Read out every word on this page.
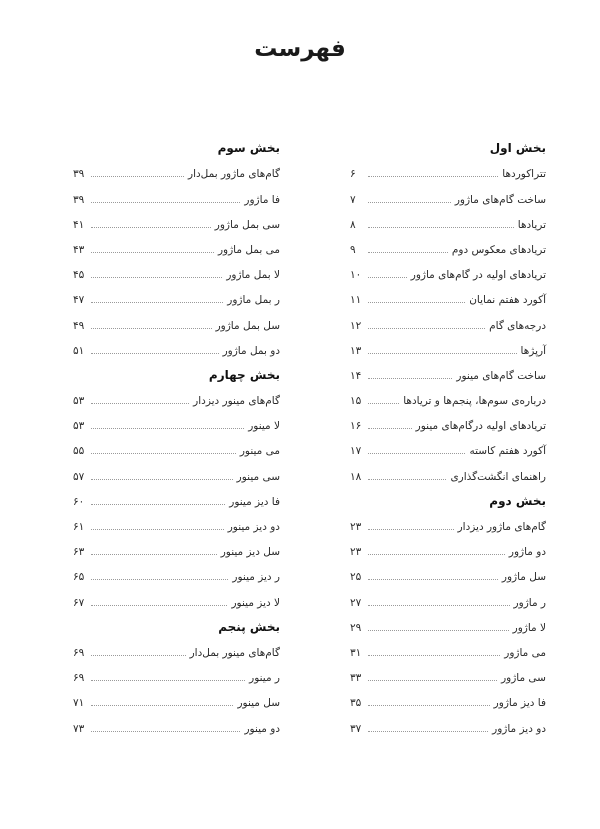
فهرست
بخش اول
تتراکوردها
۶
ساخت گام‌های ماژور
۷
تریادها
۸
تریادهای معکوس دوم
۹
تریادهای اولیه در گام‌های ماژور
۱۰
آکورد هفتم نمایان
۱۱
درجه‌های گام
۱۲
آرپژها
۱۳
ساخت گام‌های مینور
۱۴
درباره‌ی سوم‌ها، پنجم‌ها و تریادها
۱۵
تریادهای اولیه درگام‌های مینور
۱۶
آکورد هفتم کاسته
۱۷
راهنمای انگشت‌گذاری
۱۸
بخش دوم
گام‌های ماژور دیزدار
۲۳
دو ماژور
۲۳
سل ماژور
۲۵
ر ماژور
۲۷
لا ماژور
۲۹
می ماژور
۳۱
سی ماژور
۳۳
فا دیز ماژور
۳۵
دو دیز ماژور
۳۷
بخش سوم
گام‌های ماژور بمل‌دار
۳۹
فا ماژور
۳۹
سی بمل ماژور
۴۱
می بمل ماژور
۴۳
لا بمل ماژور
۴۵
ر بمل ماژور
۴۷
سل بمل ماژور
۴۹
دو بمل ماژور
۵۱
بخش چهارم
گام‌های مینور دیزدار
۵۳
لا مینور
۵۳
می مینور
۵۵
سی مینور
۵۷
فا دیز مینور
۶۰
دو دیز مینور
۶۱
سل دیز مینور
۶۳
ر دیز مینور
۶۵
لا دیز مینور
۶۷
بخش پنجم
گام‌های مینور بمل‌دار
۶۹
ر مینور
۶۹
سل مینور
۷۱
دو مینور
۷۳
